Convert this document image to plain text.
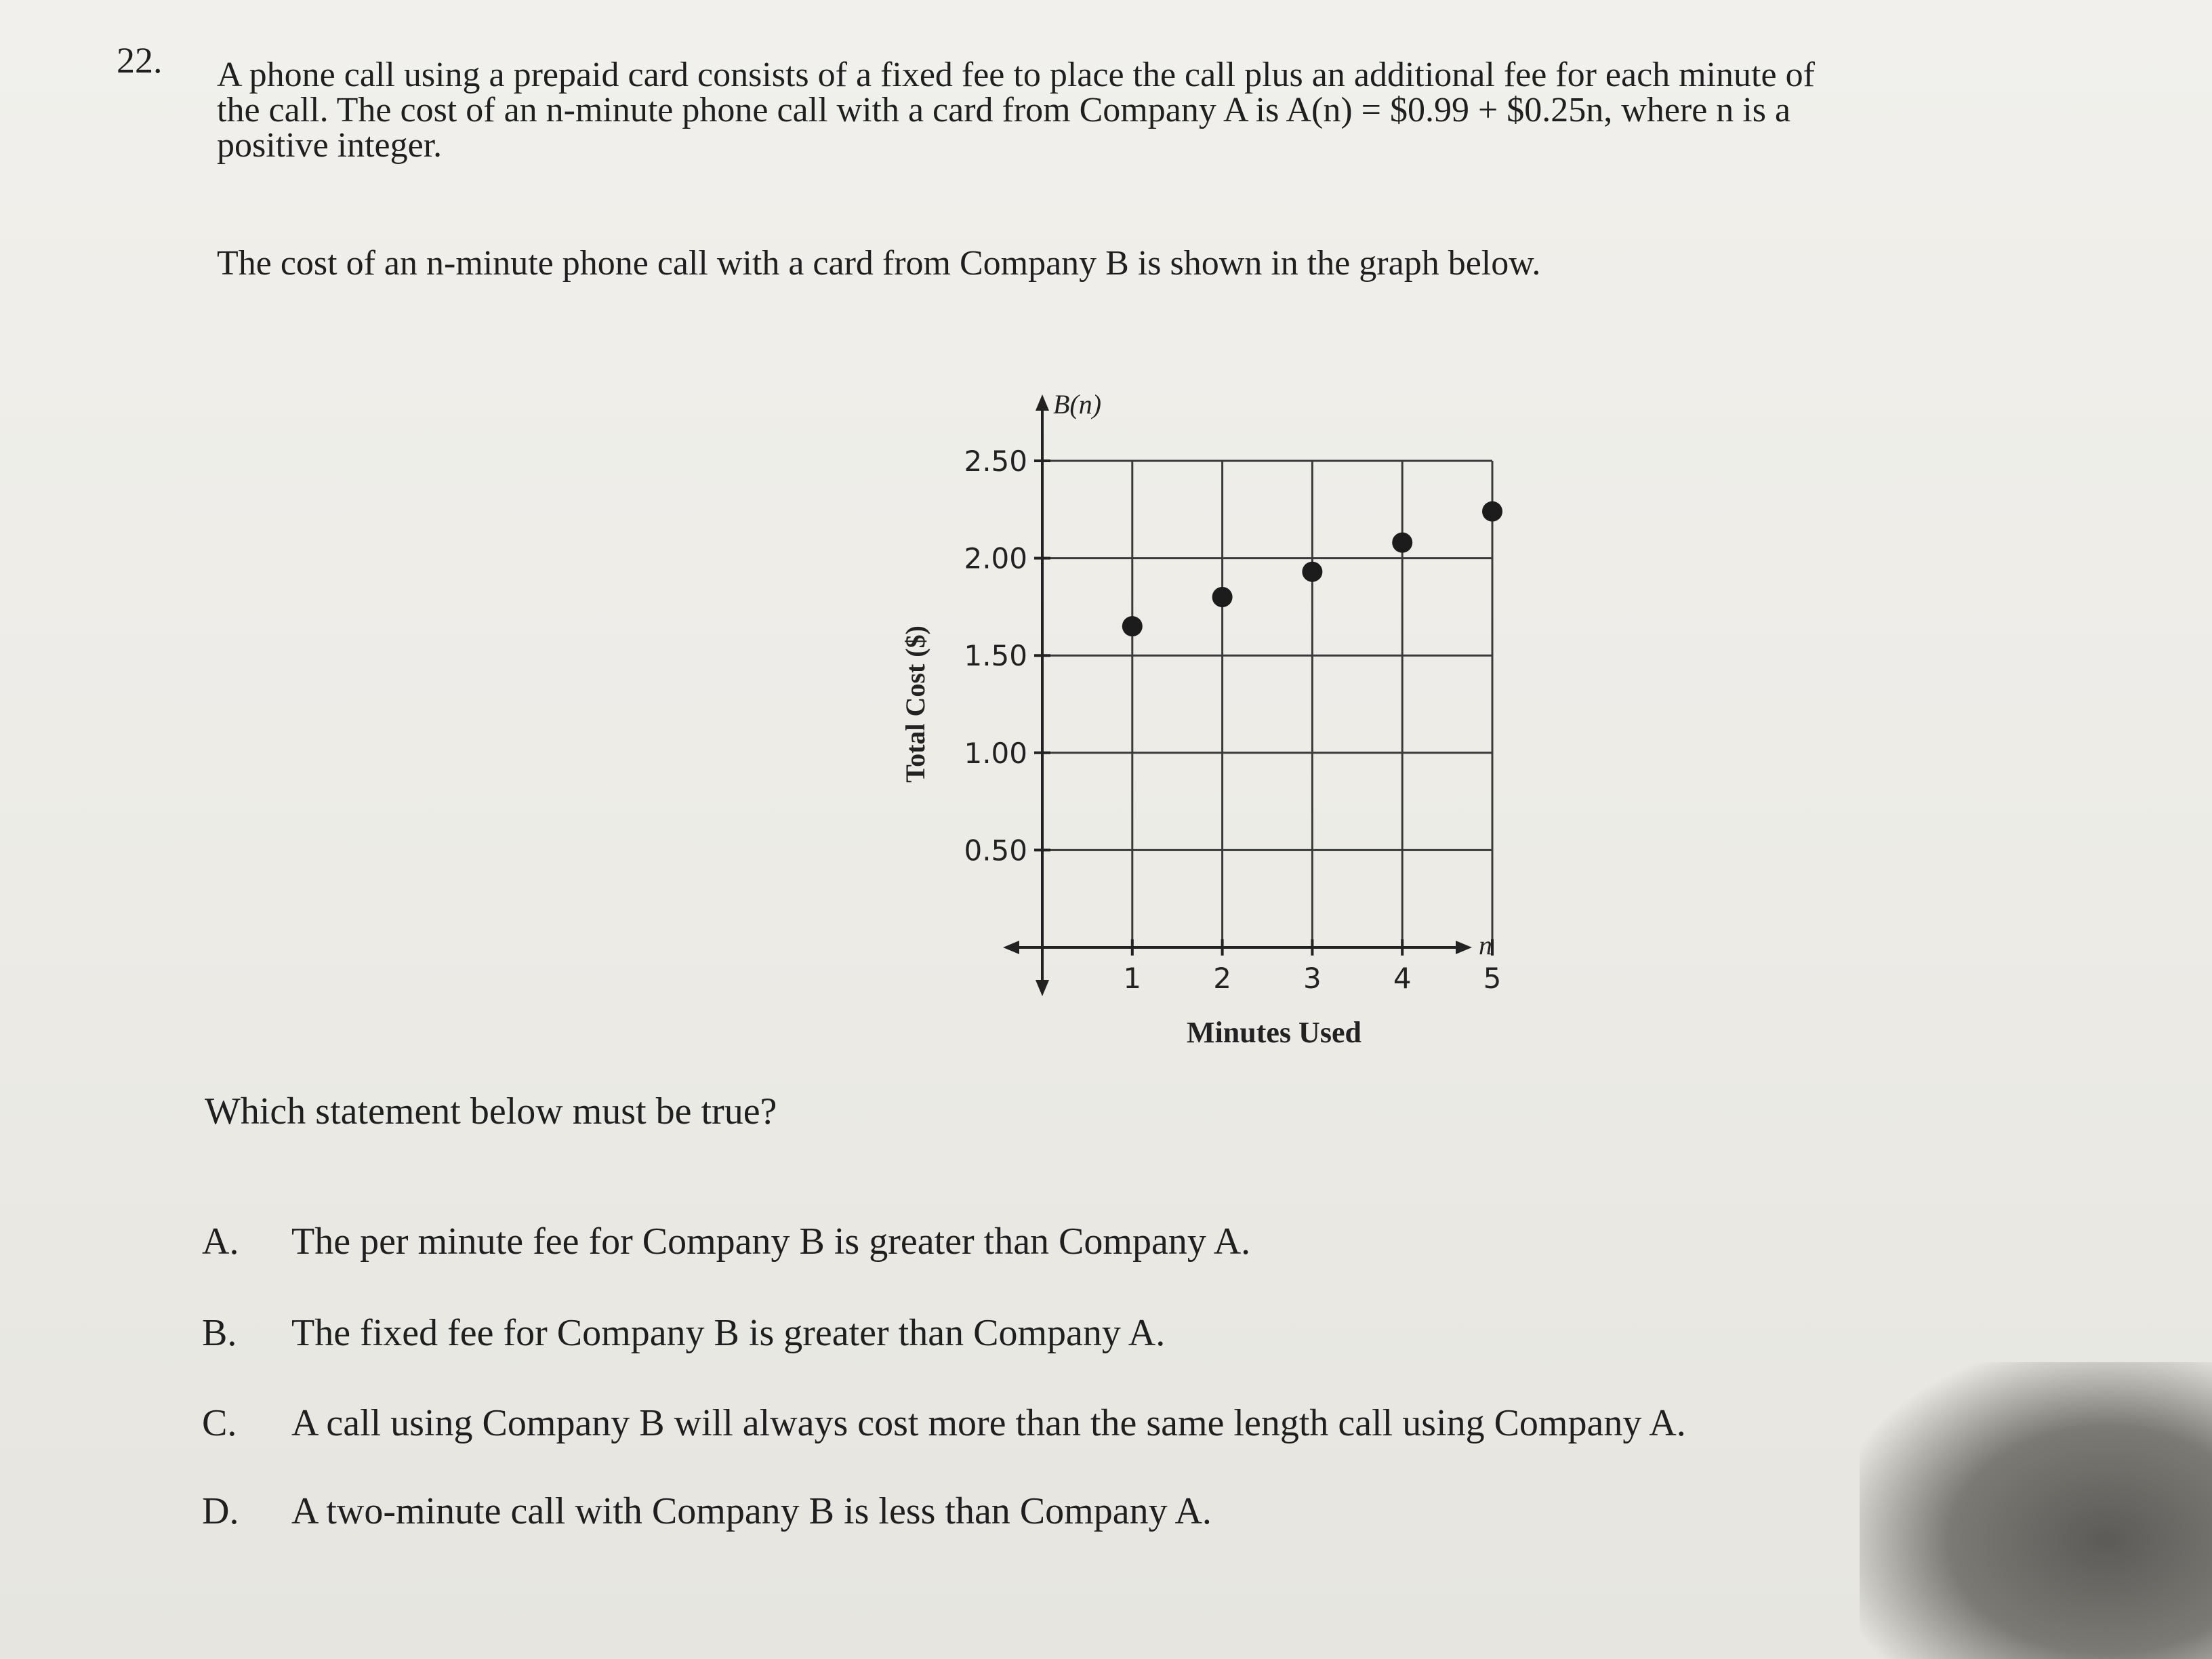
22. A phone call using a prepaid card consists of a fixed fee to place the call plus an additional fee for each minute of
the call. The cost of an n-minute phone call with a card from Company A is A(n) = $0.99 + $0.25n, where n is a
positive integer.
The cost of an n-minute phone call with a card from Company B is shown in the graph below.
0.50
1.00
1.50
2.00
2.50
1	2	3	4	5
B(n)
n
Minutes Used
Total Cost ($)
Which statement below must be true?
A. The per minute fee for Company B is greater than Company A.
B. The fixed fee for Company B is greater than Company A.
C. A call using Company B will always cost more than the same length call using Company A.
D. A two-minute call with Company B is less than Company A.
